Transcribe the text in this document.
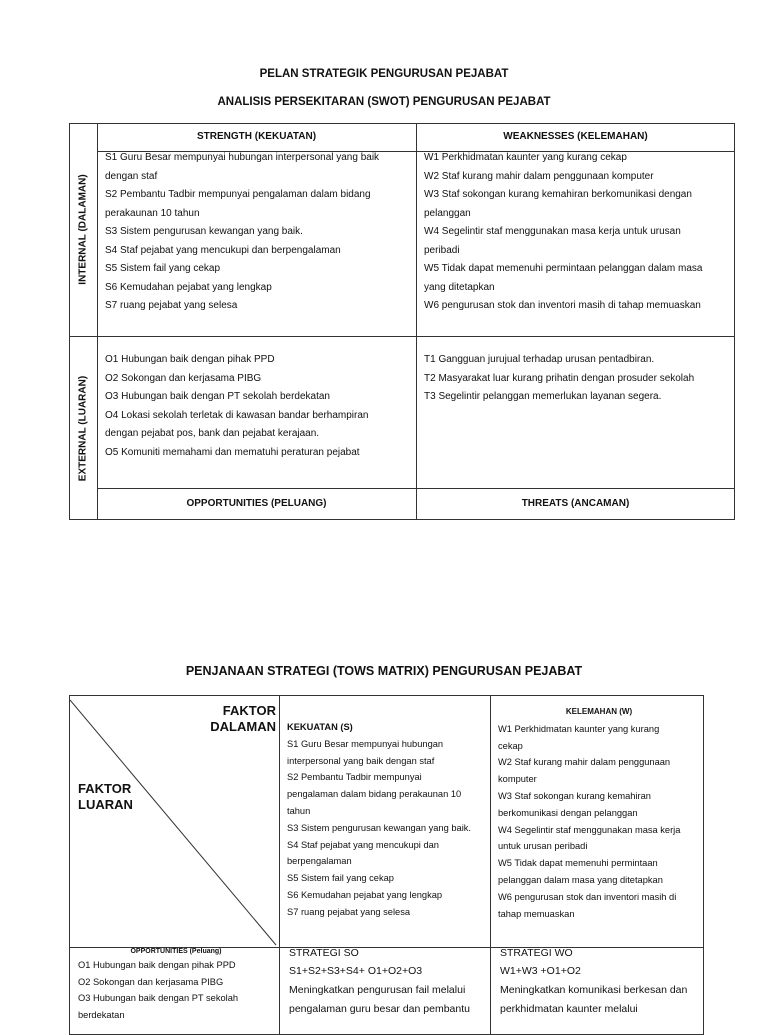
PELAN STRATEGIK PENGURUSAN PEJABAT
ANALISIS PERSEKITARAN (SWOT) PENGURUSAN PEJABAT
STRENGTH (KEKUATAN)	WEAKNESSES (KELEMAHAN)
INTERNAL (DALAMAN)
EXTERNAL (LUARAN)
S1 Guru Besar mempunyai hubungan interpersonal yang baik
dengan staf
S2 Pembantu Tadbir mempunyai pengalaman dalam bidang
perakaunan 10 tahun
S3 Sistem pengurusan kewangan yang baik.
S4 Staf pejabat yang mencukupi dan berpengalaman
S5 Sistem fail yang cekap
S6 Kemudahan pejabat yang lengkap
S7 ruang pejabat yang selesa
W1 Perkhidmatan kaunter yang kurang cekap
W2 Staf kurang mahir dalam penggunaan komputer
W3 Staf sokongan kurang kemahiran berkomunikasi dengan
pelanggan
W4 Segelintir staf menggunakan masa kerja untuk urusan
peribadi
W5 Tidak dapat memenuhi permintaan pelanggan dalam masa
yang ditetapkan
W6 pengurusan stok dan inventori masih di tahap memuaskan
O1 Hubungan baik dengan pihak PPD
O2 Sokongan dan kerjasama PIBG
O3 Hubungan baik dengan PT sekolah berdekatan
O4 Lokasi sekolah terletak di kawasan bandar berhampiran
dengan pejabat pos, bank dan pejabat kerajaan.
O5 Komuniti memahami dan mematuhi peraturan pejabat
T1 Gangguan jurujual terhadap urusan pentadbiran.
T2 Masyarakat luar kurang prihatin dengan prosuder sekolah
T3 Segelintir pelanggan memerlukan layanan segera.
OPPORTUNITIES (PELUANG)	THREATS (ANCAMAN)
PENJANAAN STRATEGI (TOWS MATRIX) PENGURUSAN PEJABAT
FAKTOR
DALAMAN
FAKTOR
LUARAN
KEKUATAN (S)
S1 Guru Besar mempunyai hubungan
interpersonal yang baik dengan staf
S2 Pembantu Tadbir mempunyai
pengalaman dalam bidang perakaunan 10
tahun
S3 Sistem pengurusan kewangan yang baik.
S4 Staf pejabat yang mencukupi dan
berpengalaman
S5 Sistem fail yang cekap
S6 Kemudahan pejabat yang lengkap
S7 ruang pejabat yang selesa
KELEMAHAN (W)
W1 Perkhidmatan kaunter yang kurang
cekap
W2 Staf kurang mahir dalam penggunaan
komputer
W3 Staf sokongan kurang kemahiran
berkomunikasi dengan pelanggan
W4 Segelintir staf menggunakan masa kerja
untuk urusan peribadi
W5 Tidak dapat memenuhi permintaan
pelanggan dalam masa yang ditetapkan
W6 pengurusan stok dan inventori masih di
tahap memuaskan
OPPORTUNITIES (Peluang)
O1 Hubungan baik dengan pihak PPD
O2 Sokongan dan kerjasama PIBG
O3 Hubungan baik dengan PT sekolah
berdekatan
STRATEGI SO
S1+S2+S3+S4+ O1+O2+O3
Meningkatkan pengurusan fail melalui
pengalaman guru besar dan pembantu
STRATEGI WO
W1+W3 +O1+O2
Meningkatkan komunikasi berkesan dan
perkhidmatan kaunter melalui
